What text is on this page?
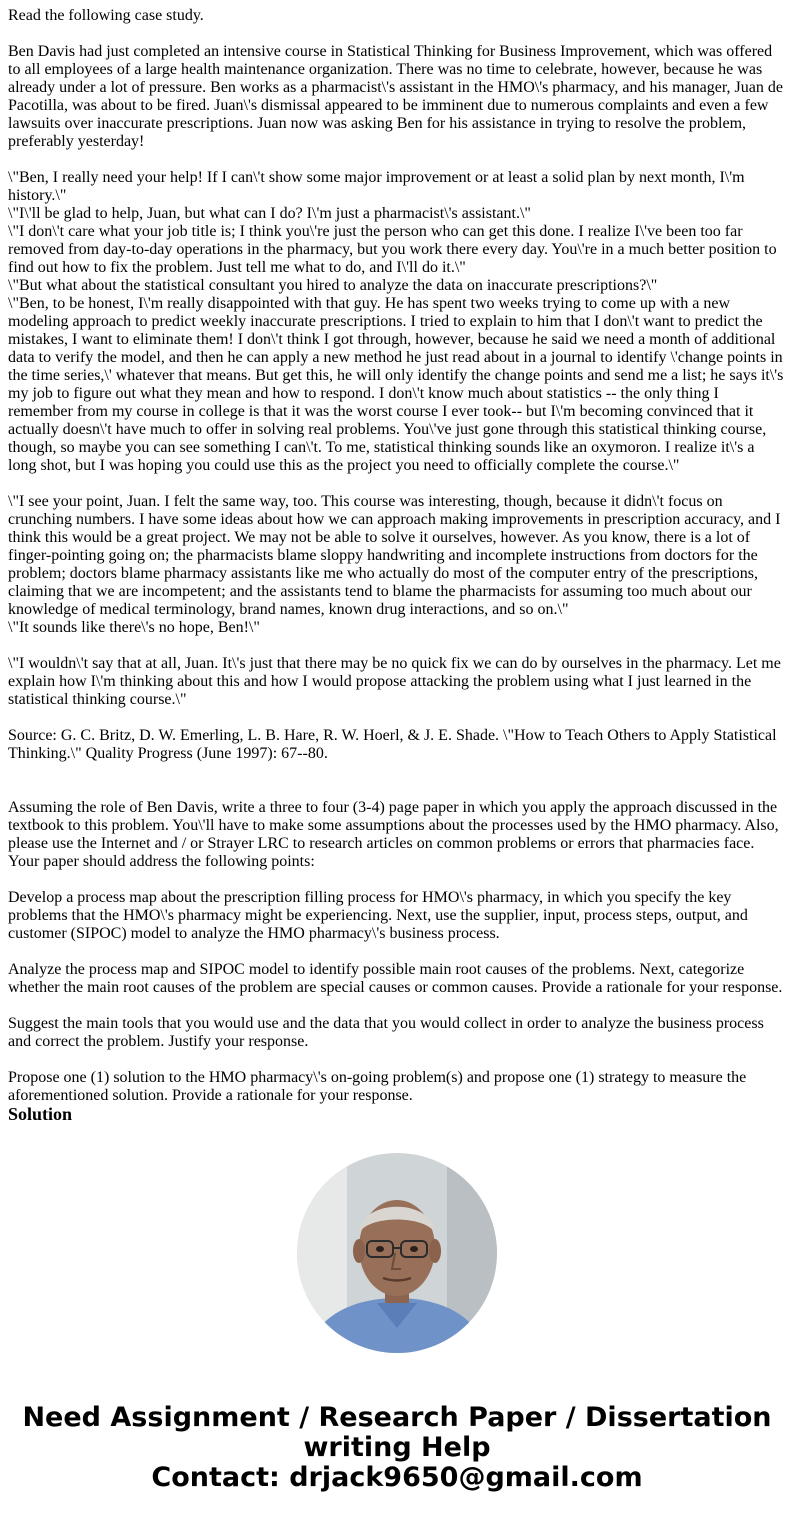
Read the following case study.

Ben Davis had just completed an intensive course in Statistical Thinking for Business Improvement, which was offered to all employees of a large health maintenance organization. There was no time to celebrate, however, because he was already under a lot of pressure. Ben works as a pharmacist\'s assistant in the HMO\'s pharmacy, and his manager, Juan de Pacotilla, was about to be fired. Juan\'s dismissal appeared to be imminent due to numerous complaints and even a few lawsuits over inaccurate prescriptions. Juan now was asking Ben for his assistance in trying to resolve the problem, preferably yesterday!

\"Ben, I really need your help! If I can\'t show some major improvement or at least a solid plan by next month, I\'m history.\"

\"I\'ll be glad to help, Juan, but what can I do? I\'m just a pharmacist\'s assistant.\"

\"I don\'t care what your job title is; I think you\'re just the person who can get this done. I realize I\'ve been too far removed from day-to-day operations in the pharmacy, but you work there every day. You\'re in a much better position to find out how to fix the problem. Just tell me what to do, and I\'ll do it.\"

\"But what about the statistical consultant you hired to analyze the data on inaccurate prescriptions?\"

\"Ben, to be honest, I\'m really disappointed with that guy. He has spent two weeks trying to come up with a new modeling approach to predict weekly inaccurate prescriptions. I tried to explain to him that I don\'t want to predict the mistakes, I want to eliminate them! I don\'t think I got through, however, because he said we need a month of additional data to verify the model, and then he can apply a new method he just read about in a journal to identify \'change points in the time series,\' whatever that means. But get this, he will only identify the change points and send me a list; he says it\'s my job to figure out what they mean and how to respond. I don\'t know much about statistics -- the only thing I remember from my course in college is that it was the worst course I ever took-- but I\'m becoming convinced that it actually doesn\'t have much to offer in solving real problems. You\'ve just gone through this statistical thinking course, though, so maybe you can see something I can\'t. To me, statistical thinking sounds like an oxymoron. I realize it\'s a long shot, but I was hoping you could use this as the project you need to officially complete the course.\"

\"I see your point, Juan. I felt the same way, too. This course was interesting, though, because it didn\'t focus on crunching numbers. I have some ideas about how we can approach making improvements in prescription accuracy, and I think this would be a great project. We may not be able to solve it ourselves, however. As you know, there is a lot of finger-pointing going on; the pharmacists blame sloppy handwriting and incomplete instructions from doctors for the problem; doctors blame pharmacy assistants like me who actually do most of the computer entry of the prescriptions, claiming that we are incompetent; and the assistants tend to blame the pharmacists for assuming too much about our knowledge of medical terminology, brand names, known drug interactions, and so on.\"

\"It sounds like there\'s no hope, Ben!\"

\"I wouldn\'t say that at all, Juan. It\'s just that there may be no quick fix we can do by ourselves in the pharmacy. Let me explain how I\'m thinking about this and how I would propose attacking the problem using what I just learned in the statistical thinking course.\"

Source: G. C. Britz, D. W. Emerling, L. B. Hare, R. W. Hoerl, & J. E. Shade. \"How to Teach Others to Apply Statistical Thinking.\" Quality Progress (June 1997): 67--80.

Assuming the role of Ben Davis, write a three to four (3-4) page paper in which you apply the approach discussed in the textbook to this problem. You\'ll have to make some assumptions about the processes used by the HMO pharmacy. Also, please use the Internet and / or Strayer LRC to research articles on common problems or errors that pharmacies face. Your paper should address the following points:

Develop a process map about the prescription filling process for HMO\'s pharmacy, in which you specify the key problems that the HMO\'s pharmacy might be experiencing. Next, use the supplier, input, process steps, output, and customer (SIPOC) model to analyze the HMO pharmacy\'s business process.

Analyze the process map and SIPOC model to identify possible main root causes of the problems. Next, categorize whether the main root causes of the problem are special causes or common causes. Provide a rationale for your response.

Suggest the main tools that you would use and the data that you would collect in order to analyze the business process and correct the problem. Justify your response.

Propose one (1) solution to the HMO pharmacy\'s on-going problem(s) and propose one (1) strategy to measure the aforementioned solution. Provide a rationale for your response.

Solution

Need Assignment / Research Paper / Dissertation
writing Help
Contact: drjack9650@gmail.com
